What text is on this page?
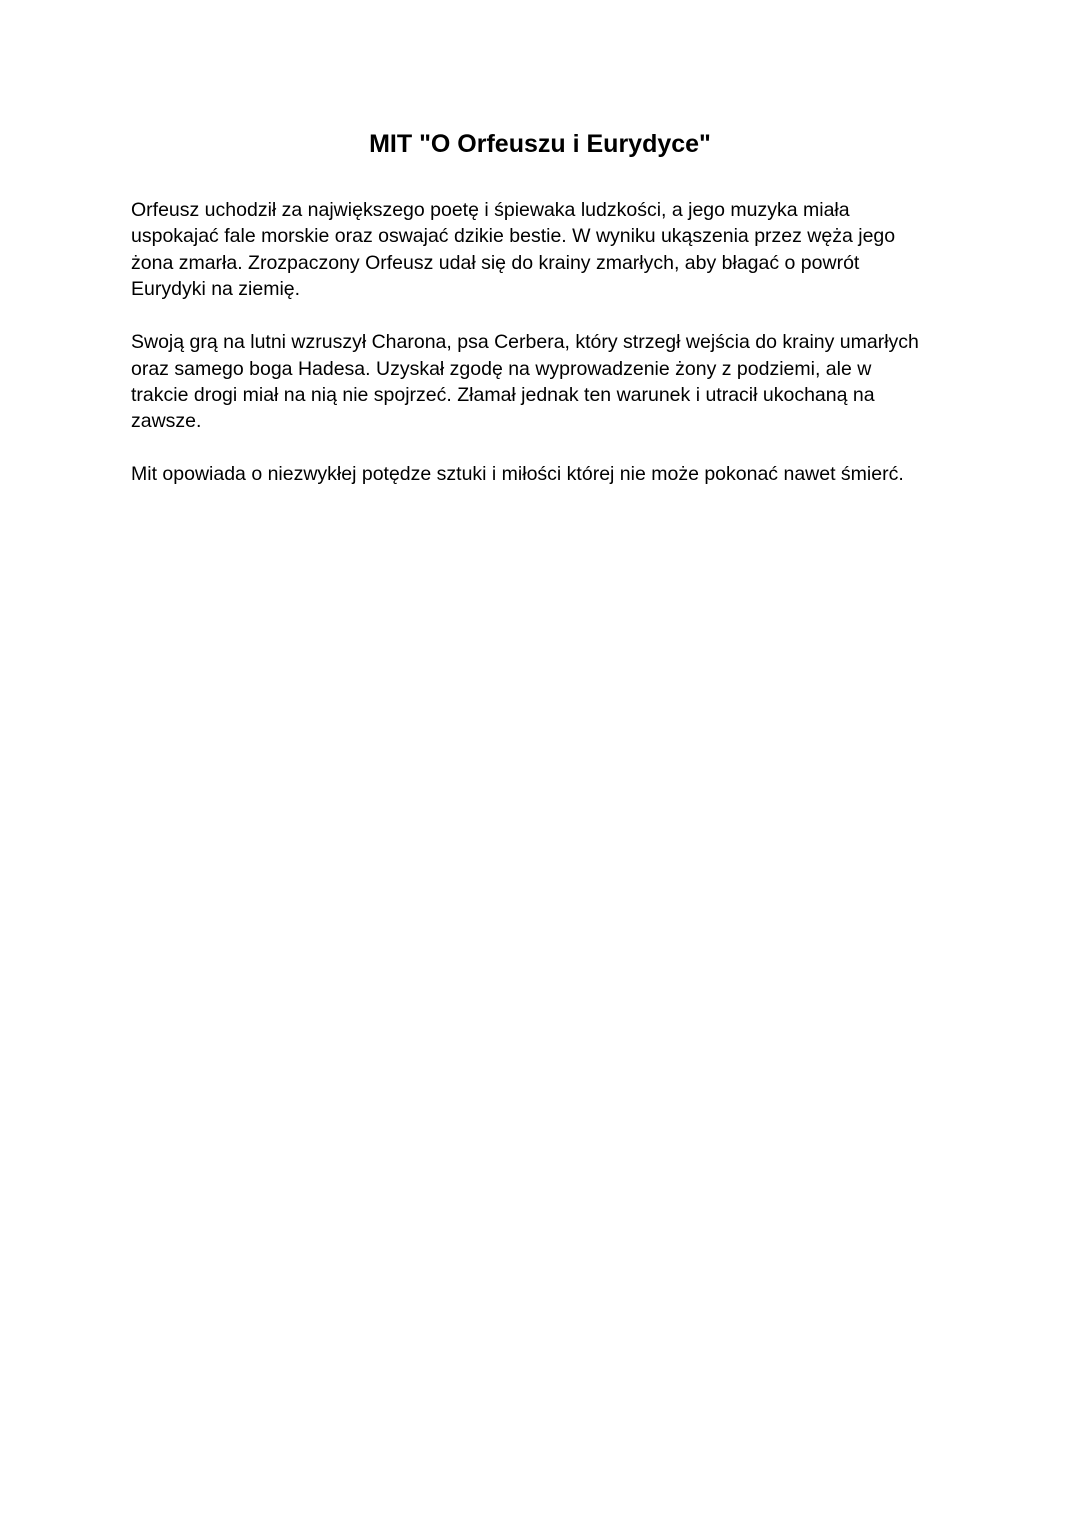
MIT "O Orfeuszu i Eurydyce"

Orfeusz uchodził za największego poetę i śpiewaka ludzkości, a jego muzyka miała
uspokajać fale morskie oraz oswajać dzikie bestie. W wyniku ukąszenia przez węża jego
żona zmarła. Zrozpaczony Orfeusz udał się do krainy zmarłych, aby błagać o powrót
Eurydyki na ziemię.

Swoją grą na lutni wzruszył Charona, psa Cerbera, który strzegł wejścia do krainy umarłych
oraz samego boga Hadesa. Uzyskał zgodę na wyprowadzenie żony z podziemi, ale w
trakcie drogi miał na nią nie spojrzeć. Złamał jednak ten warunek i utracił ukochaną na
zawsze.

Mit opowiada o niezwykłej potędze sztuki i miłości której nie może pokonać nawet śmierć.
